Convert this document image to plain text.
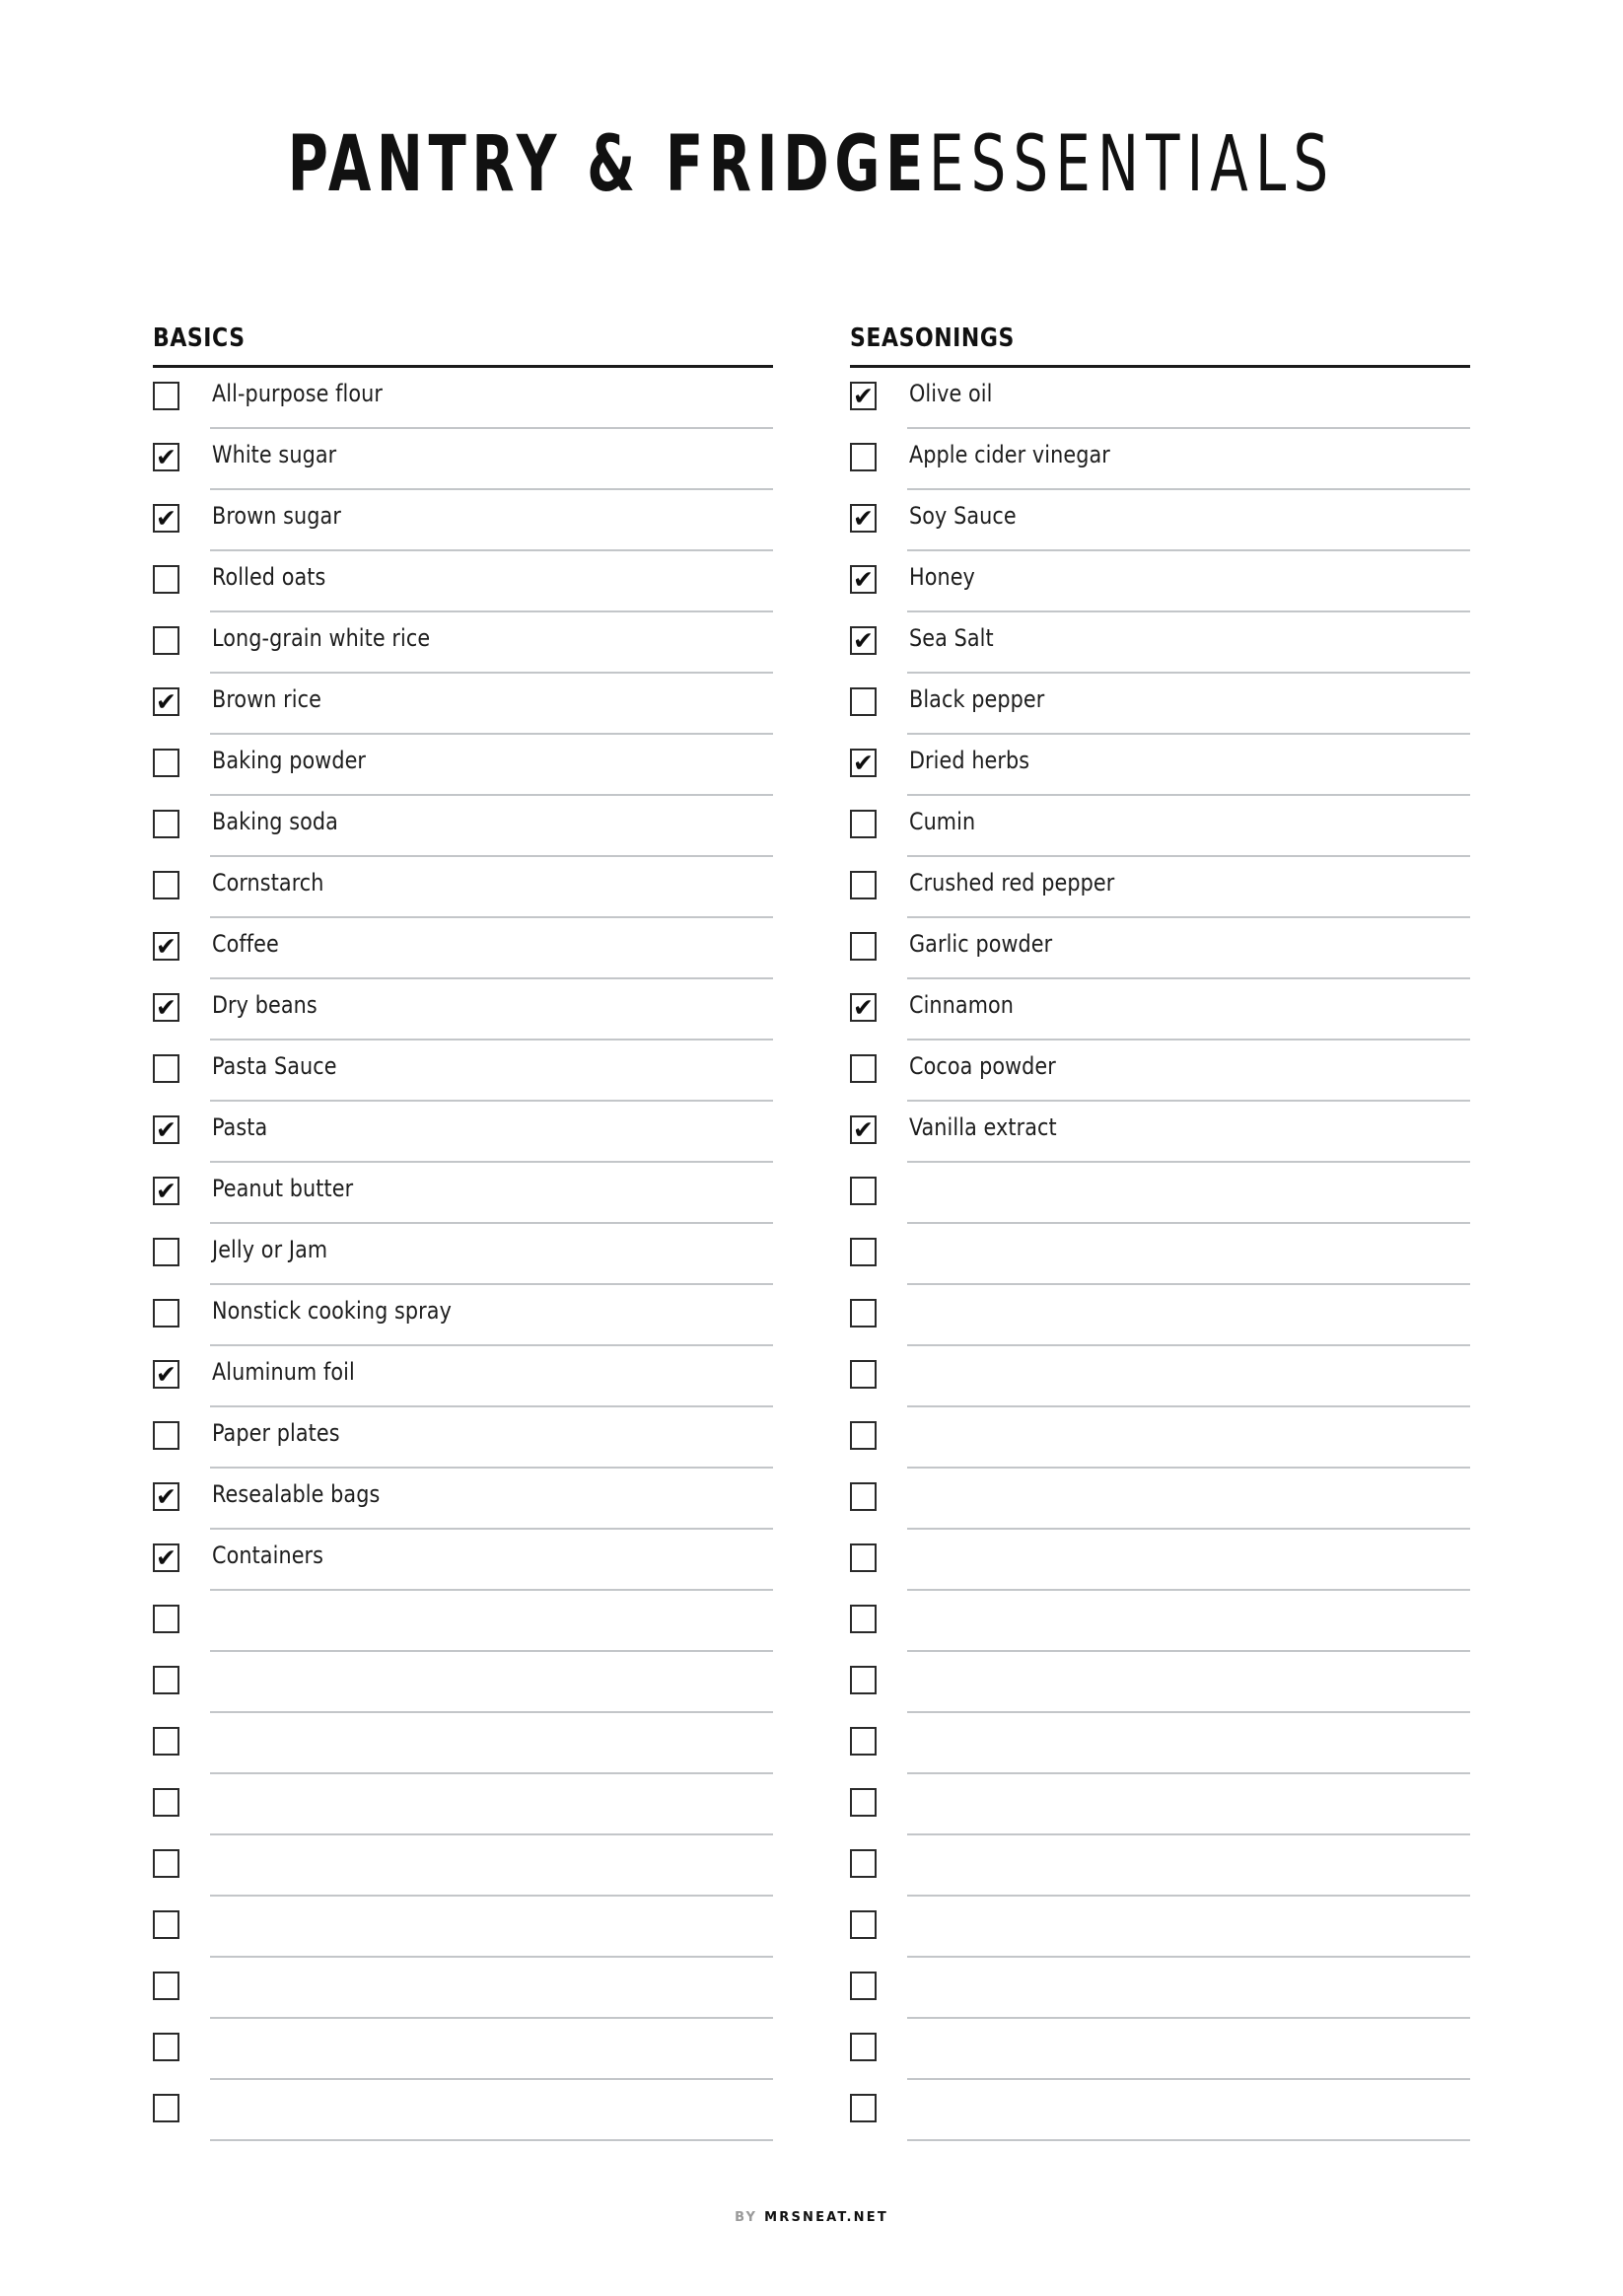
PANTRY & FRIDGEESSENTIALS
BASICS
All-purpose flour
✔ White sugar
✔ Brown sugar
Rolled oats
Long-grain white rice
✔ Brown rice
Baking powder
Baking soda
Cornstarch
✔ Coffee
✔ Dry beans
Pasta Sauce
✔ Pasta
✔ Peanut butter
Jelly or Jam
Nonstick cooking spray
✔ Aluminum foil
Paper plates
✔ Resealable bags
✔ Containers
SEASONINGS
✔ Olive oil
Apple cider vinegar
✔ Soy Sauce
✔ Honey
✔ Sea Salt
Black pepper
✔ Dried herbs
Cumin
Crushed red pepper
Garlic powder
✔ Cinnamon
Cocoa powder
✔ Vanilla extract
BY MRSNEAT.NET
